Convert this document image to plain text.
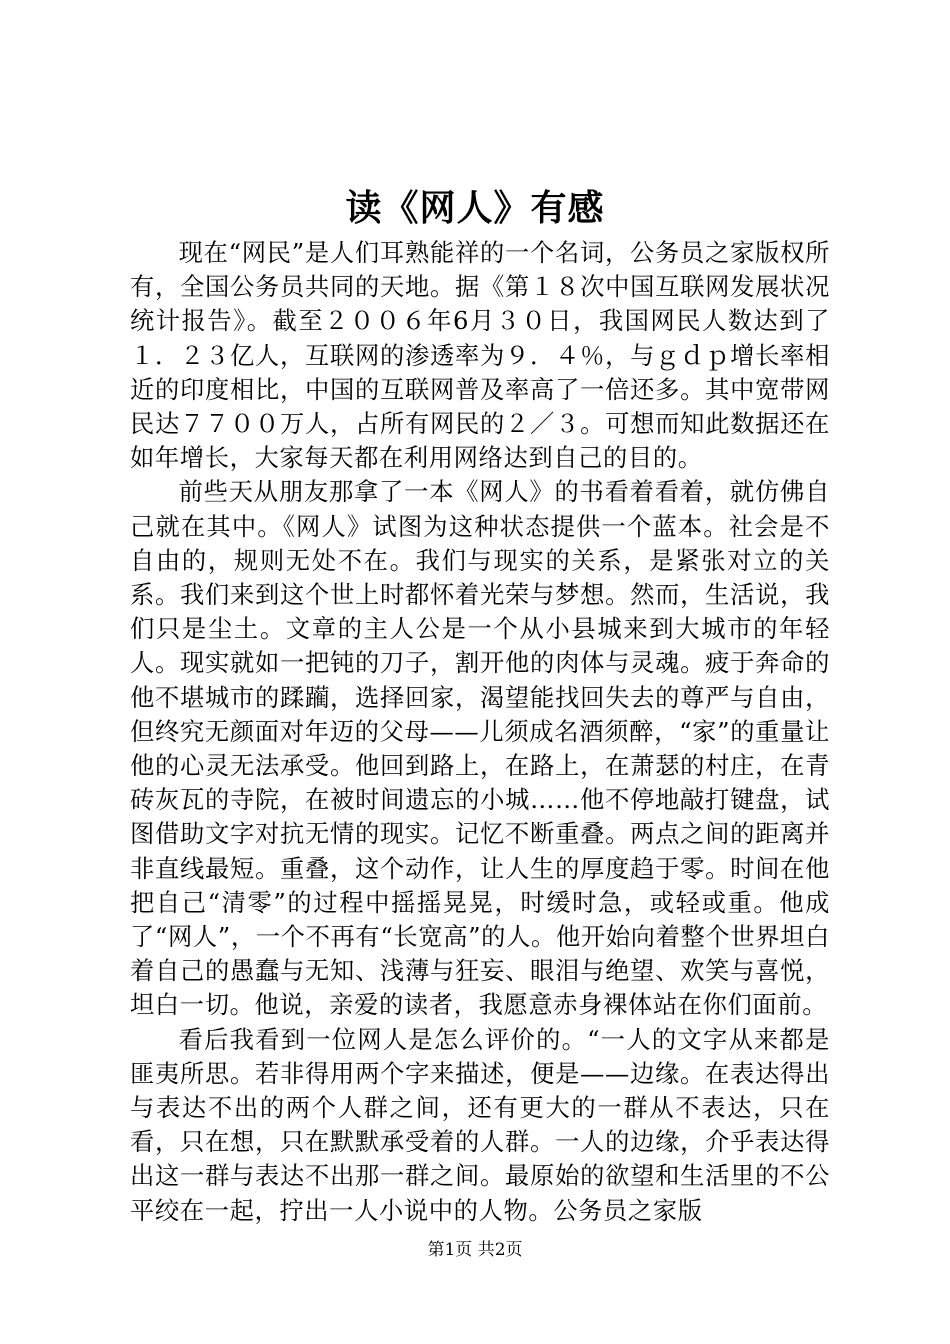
读《网人》有感

现在“网民”是人们耳熟能祥的一个名词，公务员之家版权所有，全国公务员共同的天地。据《第１８次中国互联网发展状况统计报告》。截至２００６年6月３０日，我国网民人数达到了１．２３亿人，互联网的渗透率为９．４％，与ｇｄｐ增长率相近的印度相比，中国的互联网普及率高了一倍还多。其中宽带网民达７７００万人，占所有网民的２／３。可想而知此数据还在如年增长，大家每天都在利用网络达到自己的目的。

前些天从朋友那拿了一本《网人》的书看着看着，就仿佛自己就在其中。《网人》试图为这种状态提供一个蓝本。社会是不自由的，规则无处不在。我们与现实的关系，是紧张对立的关系。我们来到这个世上时都怀着光荣与梦想。然而，生活说，我们只是尘土。文章的主人公是一个从小县城来到大城市的年轻人。现实就如一把钝的刀子，割开他的肉体与灵魂。疲于奔命的他不堪城市的蹂躏，选择回家，渴望能找回失去的尊严与自由，但终究无颜面对年迈的父母——儿须成名酒须醉，“家”的重量让他的心灵无法承受。他回到路上，在路上，在萧瑟的村庄，在青砖灰瓦的寺院，在被时间遗忘的小城……他不停地敲打键盘，试图借助文字对抗无情的现实。记忆不断重叠。两点之间的距离并非直线最短。重叠，这个动作，让人生的厚度趋于零。时间在他把自己“清零”的过程中摇摇晃晃，时缓时急，或轻或重。他成了“网人”，一个不再有“长宽高”的人。他开始向着整个世界坦白着自己的愚蠢与无知、浅薄与狂妄、眼泪与绝望、欢笑与喜悦，坦白一切。他说，亲爱的读者，我愿意赤身裸体站在你们面前。

看后我看到一位网人是怎么评价的。“一人的文字从来都是匪夷所思。若非得用两个字来描述，便是——边缘。在表达得出与表达不出的两个人群之间，还有更大的一群从不表达，只在看，只在想，只在默默承受着的人群。一人的边缘，介乎表达得出这一群与表达不出那一群之间。最原始的欲望和生活里的不公平绞在一起，拧出一人小说中的人物。公务员之家版

第1页 共2页
